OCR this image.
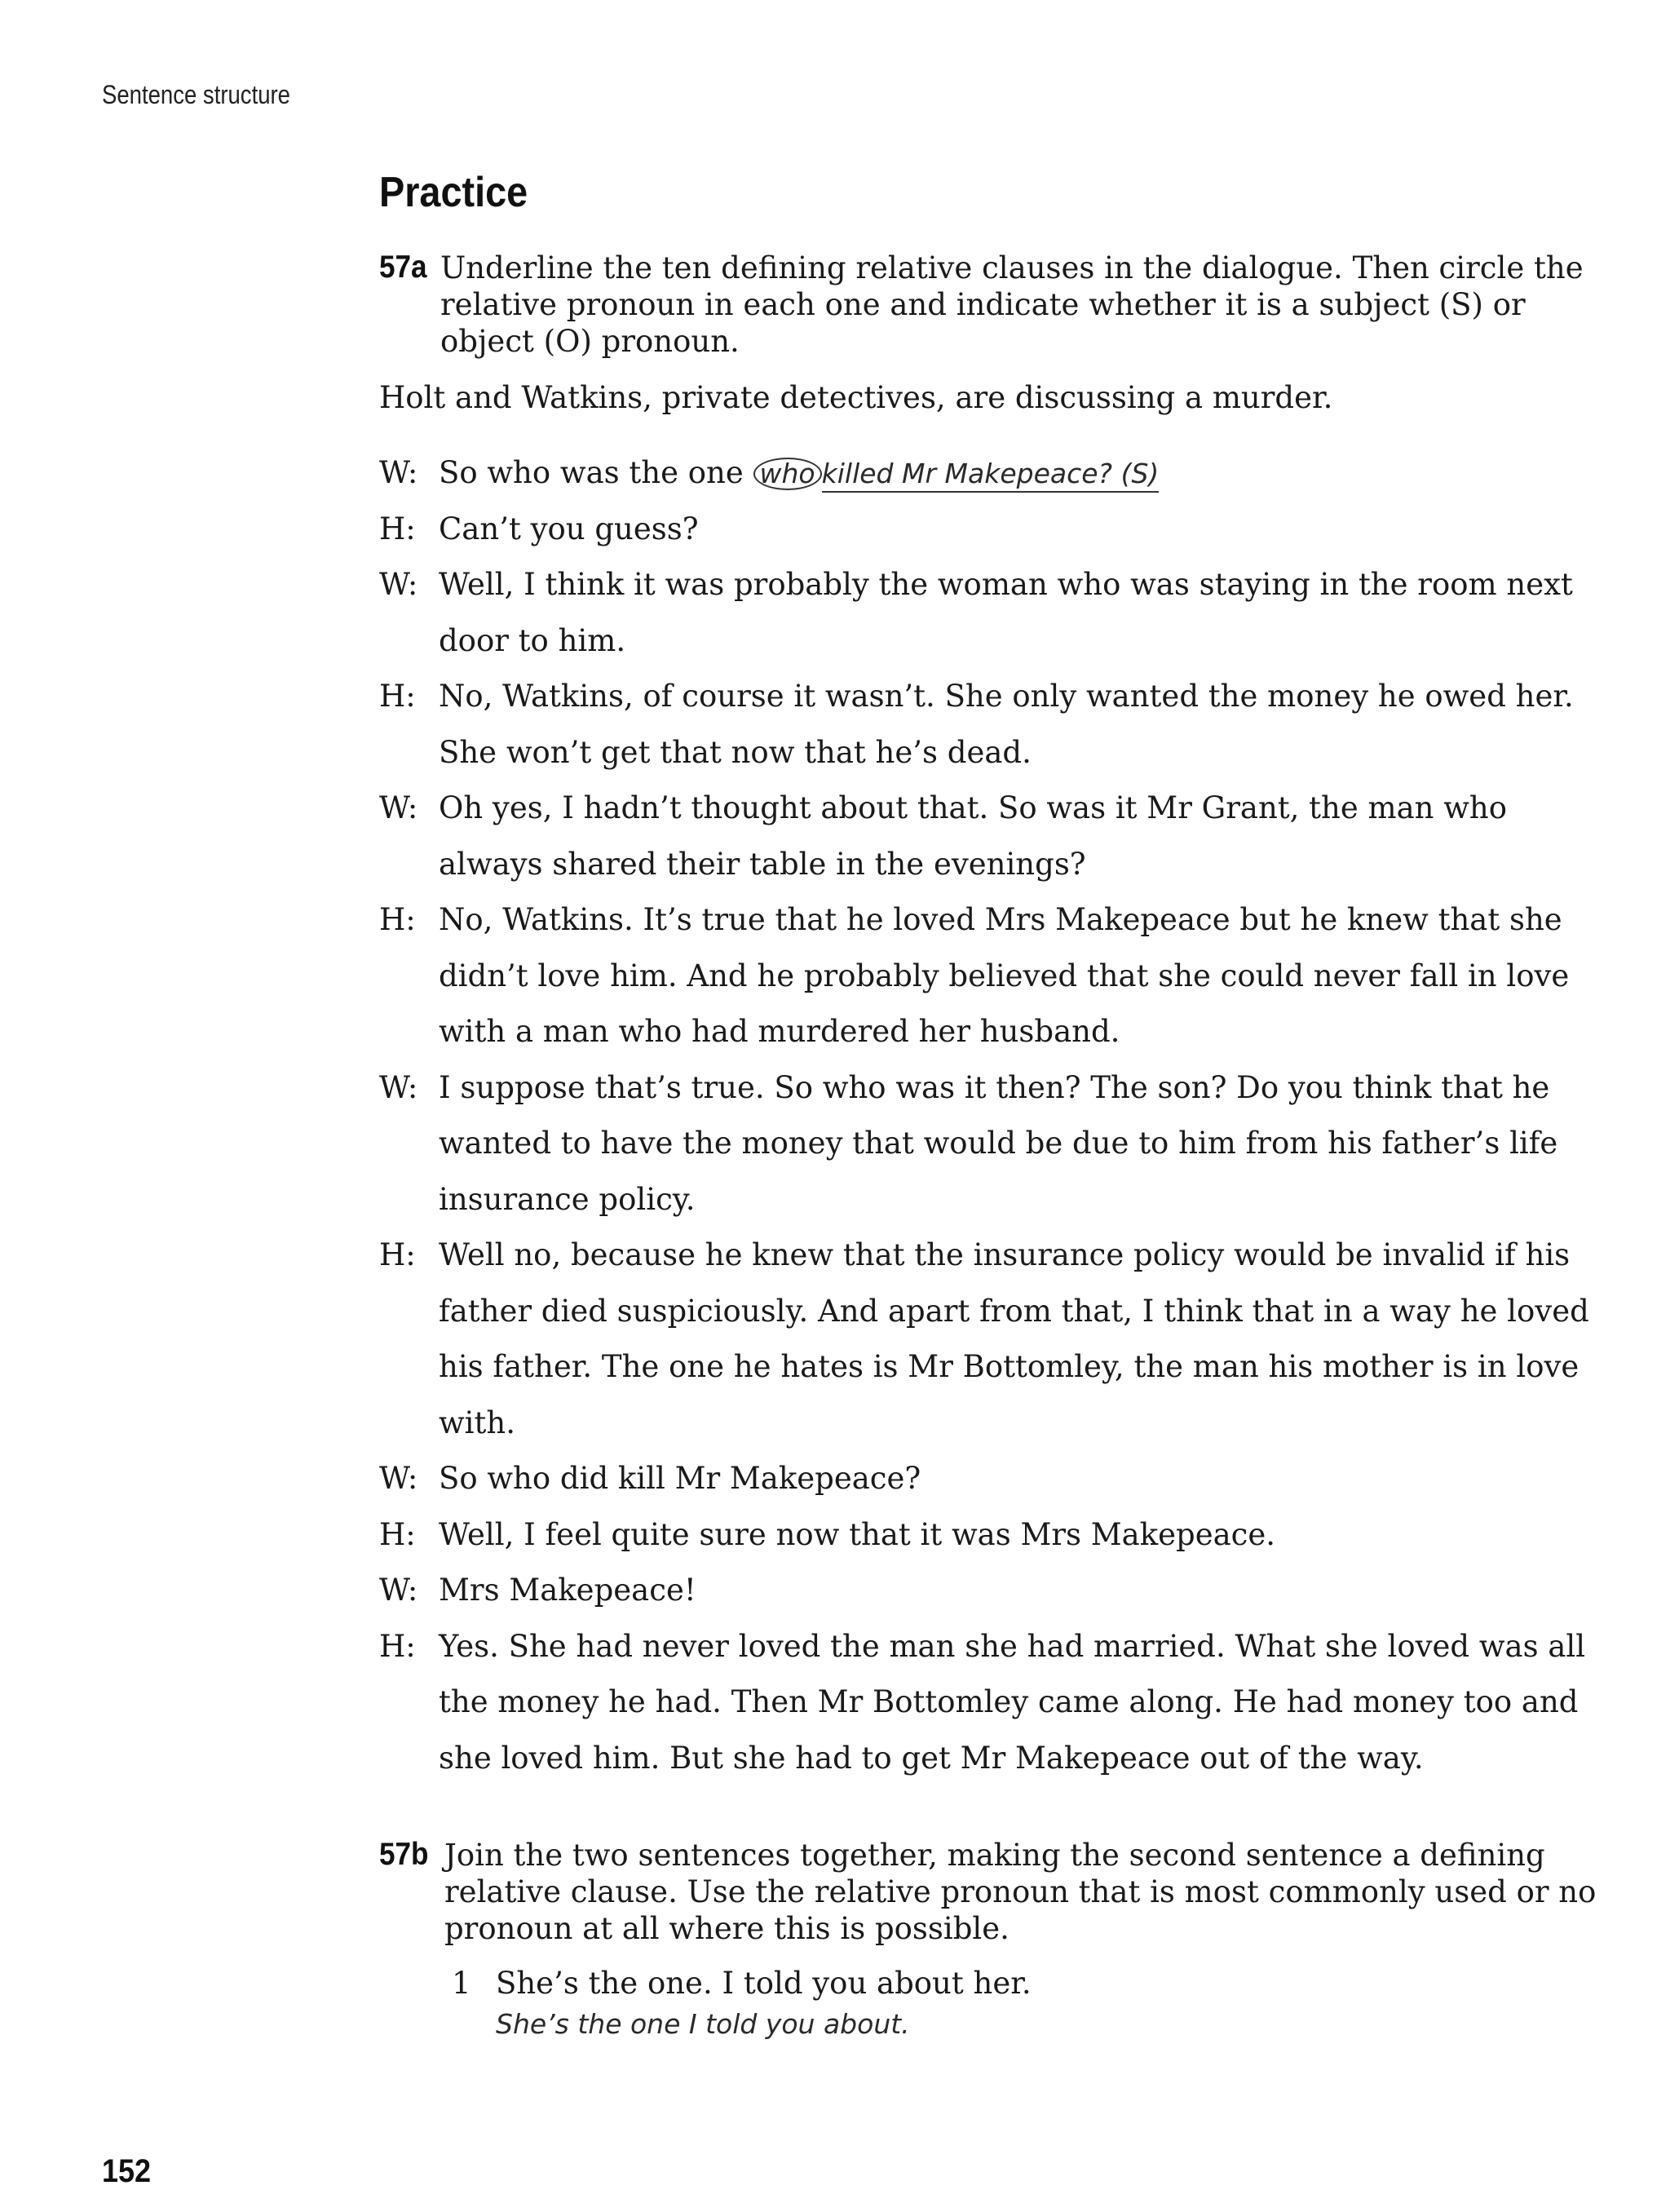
Sentence structure
Practice
57a Underline the ten defining relative clauses in the dialogue. Then circle the
relative pronoun in each one and indicate whether it is a subject (S) or
object (O) pronoun.
Holt and Watkins, private detectives, are discussing a murder.
W: So who was the one who killed Mr Makepeace? (S)
H: Can’t you guess?
W: Well, I think it was probably the woman who was staying in the room next
door to him.
H: No, Watkins, of course it wasn’t. She only wanted the money he owed her.
She won’t get that now that he’s dead.
W: Oh yes, I hadn’t thought about that. So was it Mr Grant, the man who
always shared their table in the evenings?
H: No, Watkins. It’s true that he loved Mrs Makepeace but he knew that she
didn’t love him. And he probably believed that she could never fall in love
with a man who had murdered her husband.
W: I suppose that’s true. So who was it then? The son? Do you think that he
wanted to have the money that would be due to him from his father’s life
insurance policy.
H: Well no, because he knew that the insurance policy would be invalid if his
father died suspiciously. And apart from that, I think that in a way he loved
his father. The one he hates is Mr Bottomley, the man his mother is in love
with.
W: So who did kill Mr Makepeace?
H: Well, I feel quite sure now that it was Mrs Makepeace.
W: Mrs Makepeace!
H: Yes. She had never loved the man she had married. What she loved was all
the money he had. Then Mr Bottomley came along. He had money too and
she loved him. But she had to get Mr Makepeace out of the way.
57b Join the two sentences together, making the second sentence a defining
relative clause. Use the relative pronoun that is most commonly used or no
pronoun at all where this is possible.
1 She’s the one. I told you about her.
She’s the one I told you about.
152
